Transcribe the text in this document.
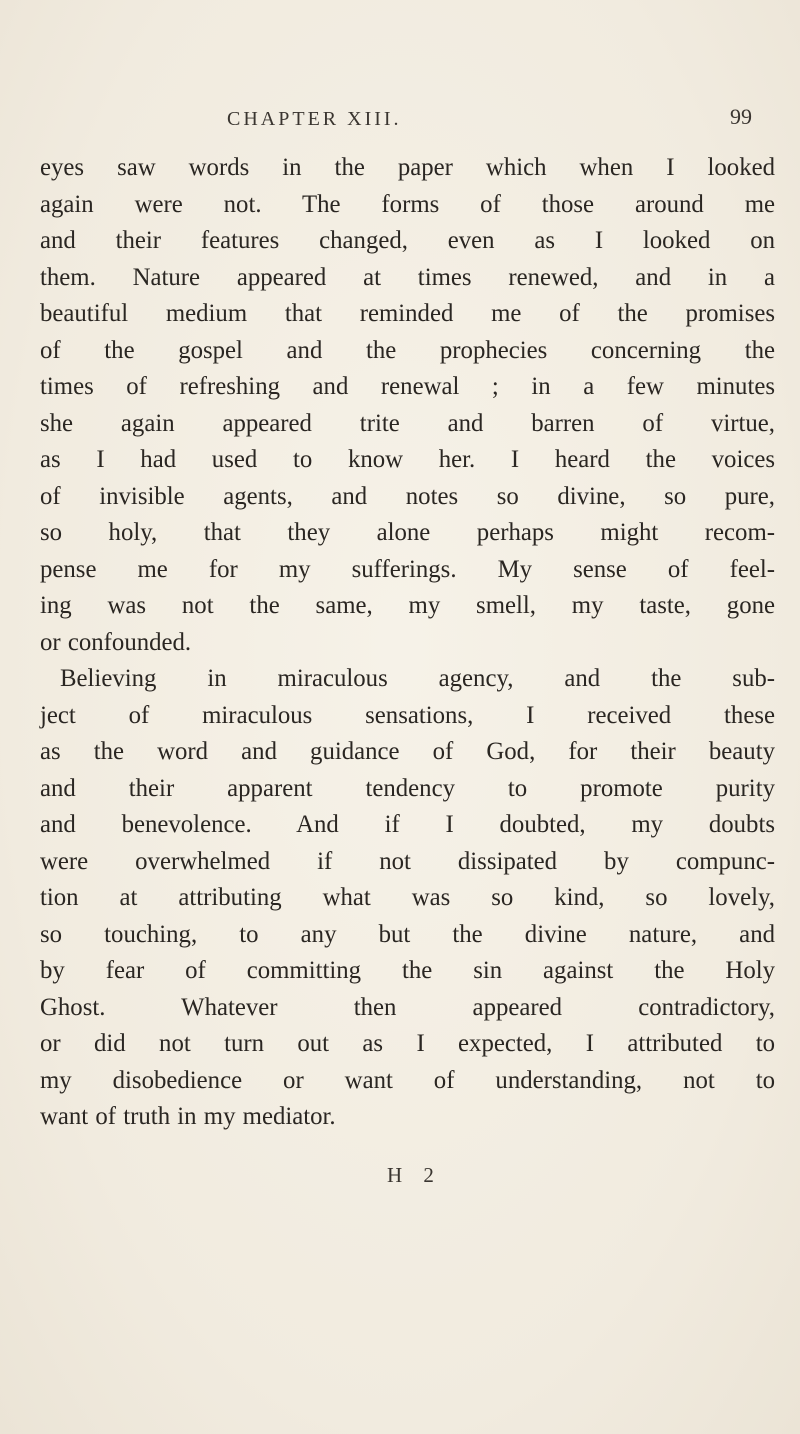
CHAPTER XIII.	99
eyes saw words in the paper which when I looked
again were not. The forms of those around me
and their features changed, even as I looked on
them. Nature appeared at times renewed, and in a
beautiful medium that reminded me of the promises
of the gospel and the prophecies concerning the
times of refreshing and renewal ; in a few minutes
she again appeared trite and barren of virtue,
as I had used to know her. I heard the voices
of invisible agents, and notes so divine, so pure,
so holy, that they alone perhaps might recom-
pense me for my sufferings. My sense of feel-
ing was not the same, my smell, my taste, gone
or confounded.
Believing in miraculous agency, and the sub-
ject of miraculous sensations, I received these
as the word and guidance of God, for their beauty
and their apparent tendency to promote purity
and benevolence. And if I doubted, my doubts
were overwhelmed if not dissipated by compunc-
tion at attributing what was so kind, so lovely,
so touching, to any but the divine nature, and
by fear of committing the sin against the Holy
Ghost. Whatever then appeared contradictory,
or did not turn out as I expected, I attributed to
my disobedience or want of understanding, not to
want of truth in my mediator.
H 2
